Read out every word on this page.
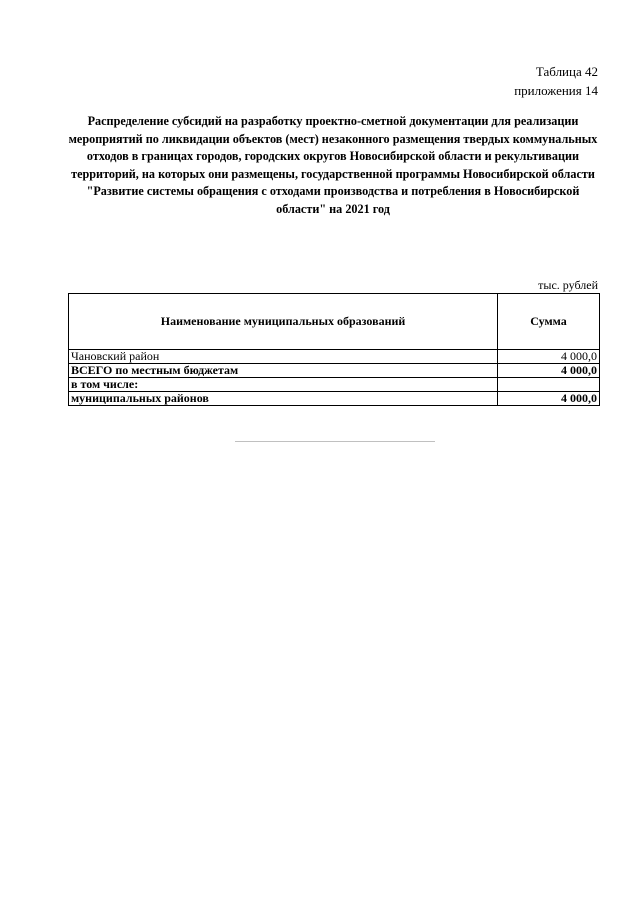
Таблица 42
приложения 14
Распределение субсидий на разработку проектно-сметной документации для реализации мероприятий по ликвидации объектов (мест) незаконного размещения твердых коммунальных отходов в границах городов, городских округов Новосибирской области и рекультивации территорий, на которых они размещены, государственной программы Новосибирской области "Развитие системы обращения с отходами производства и потребления в Новосибирской области" на 2021 год
тыс. рублей
Наименование муниципальных образований	Сумма
Чановский район	4 000,0
ВСЕГО по местным бюджетам	4 000,0
в том числе:	
муниципальных районов	4 000,0
